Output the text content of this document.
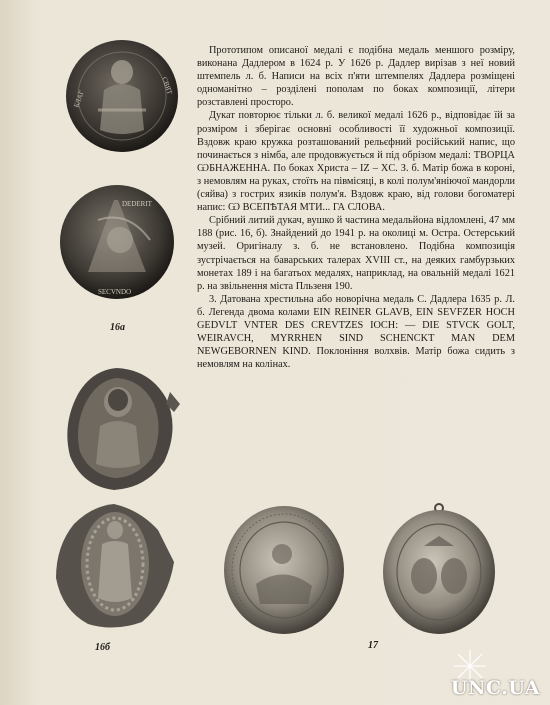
БЛАГ
СВЯТ
DEDERIT
SECVNDO
16а
16б	17

Прототипом описаної медалі є подібна медаль меншого розміру, виконана Дадлером в 1624 р. У 1626 р. Дадлер вирізав з неї новий штемпель л. б. Написи на всіх п'яти штемпелях Дадлера розміщені одноманітно – розділені пополам по боках композиції, літери розставлені просторо.

Дукат повторює тільки л. б. великої медалі 1626 р., відповідає їй за розміром і зберігає основні особливості її художньої композиції. Вздовж краю кружка розташований рельєфний російський напис, що починається з німба, але продовжується й під обрізом медалі: ТВОРЦА ѠБНАЖЕННА. По боках Христа – IZ – XC. З. б. Матір божа в короні, з немовлям на руках, стоїть на півмісяці, в колі полум'яніючої мандорли (сяйва) з гострих язиків полум'я. Вздовж краю, від голови богоматері напис: Ѡ ВСЕПѢТАЯ МТИ... ГА СЛОВА.

Срібний литий дукач, вушко й частина медальйона відломлені, 47 мм 188 (рис. 16, б). Знайдений до 1941 р. на околиці м. Остра. Остерський музей. Оригіналу з. б. не встановлено. Подібна композиція зустрічається на баварських талерах XVIII ст., на деяких гамбурзьких монетах 189 і на багатьох медалях, наприклад, на овальній медалі 1621 р. на звільнення міста Пльзеня 190.

3. Датована хрестильна або новорічна медаль С. Дадлера 1635 р. Л. б. Легенда двома колами EIN REINER GLAVB, EIN SEVFZER HOCH GEDVLT VNTER DES CREVTZES IOCH: — DIE STVCK GOLT, WEIRAVCH, MYRRHEN SIND SCHENCKT MAN DEM NEWGEBORNEN KIND. Поклоніння волхвів. Матір божа сидить з немовлям на колінах.

UNC.UA
